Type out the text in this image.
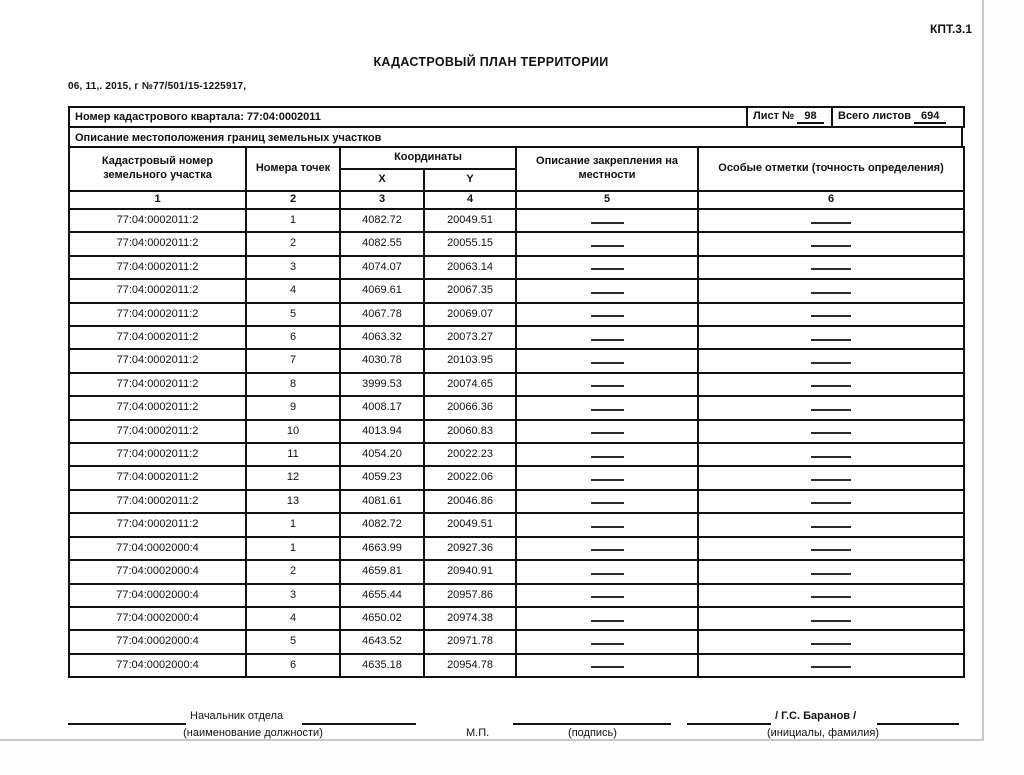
КПТ.3.1
КАДАСТРОВЫЙ ПЛАН ТЕРРИТОРИИ
06, 11,. 2015, г №77/501/15-1225917,
Номер кадастрового квартала: 77:04:0002011	Лист № 98	Всего листов 694
Описание местоположения границ земельных участков
Кадастровый номер земельного участка	Номера точек	Координаты		Описание закрепления на местности	Особые отметки (точность определения)
		X	Y		
1	2	3	4	5	6
77:04:0002011:2	1	4082.72	20049.51		
77:04:0002011:2	2	4082.55	20055.15		
77:04:0002011:2	3	4074.07	20063.14		
77:04:0002011:2	4	4069.61	20067.35		
77:04:0002011:2	5	4067.78	20069.07		
77:04:0002011:2	6	4063.32	20073.27		
77:04:0002011:2	7	4030.78	20103.95		
77:04:0002011:2	8	3999.53	20074.65		
77:04:0002011:2	9	4008.17	20066.36		
77:04:0002011:2	10	4013.94	20060.83		
77:04:0002011:2	11	4054.20	20022.23		
77:04:0002011:2	12	4059.23	20022.06		
77:04:0002011:2	13	4081.61	20046.86		
77:04:0002011:2	1	4082.72	20049.51		
77:04:0002000:4	1	4663.99	20927.36		
77:04:0002000:4	2	4659.81	20940.91		
77:04:0002000:4	3	4655.44	20957.86		
77:04:0002000:4	4	4650.02	20974.38		
77:04:0002000:4	5	4643.52	20971.78		
77:04:0002000:4	6	4635.18	20954.78		
Начальник отдела
(наименование должности)	М.П.	(подпись)
/ Г.С. Баранов /
(инициалы, фамилия)
